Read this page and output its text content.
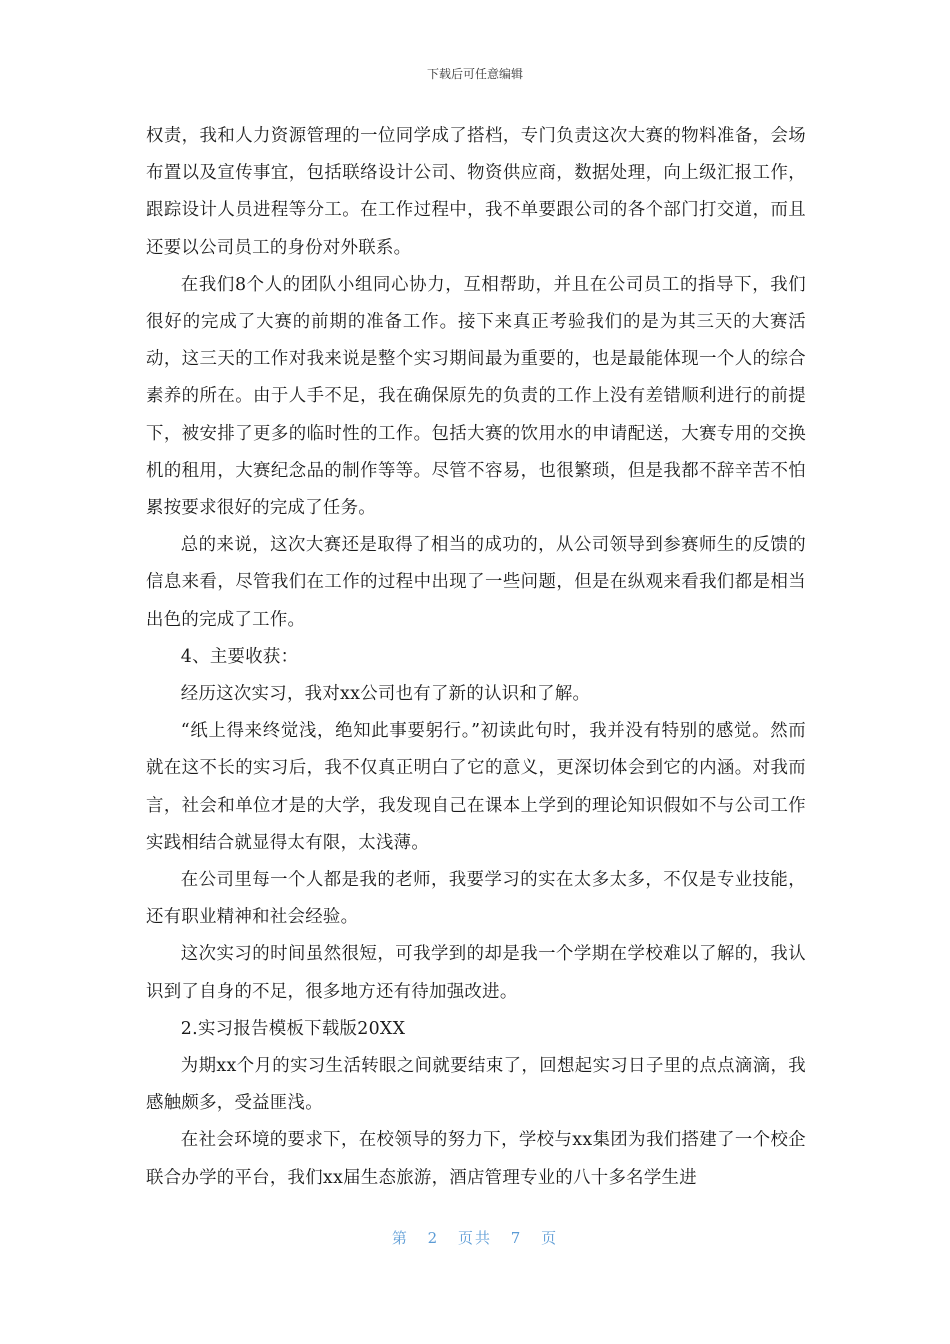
下载后可任意编辑

权责，我和人力资源管理的一位同学成了搭档，专门负责这次大赛的物料准备，会场布置以及宣传事宜，包括联络设计公司、物资供应商，数据处理，向上级汇报工作，跟踪设计人员进程等分工。在工作过程中，我不单要跟公司的各个部门打交道，而且还要以公司员工的身份对外联系。

在我们8个人的团队小组同心协力，互相帮助，并且在公司员工的指导下，我们很好的完成了大赛的前期的准备工作。接下来真正考验我们的是为其三天的大赛活动，这三天的工作对我来说是整个实习期间最为重要的，也是最能体现一个人的综合素养的所在。由于人手不足，我在确保原先的负责的工作上没有差错顺利进行的前提下，被安排了更多的临时性的工作。包括大赛的饮用水的申请配送，大赛专用的交换机的租用，大赛纪念品的制作等等。尽管不容易，也很繁琐，但是我都不辞辛苦不怕累按要求很好的完成了任务。

总的来说，这次大赛还是取得了相当的成功的，从公司领导到参赛师生的反馈的信息来看，尽管我们在工作的过程中出现了一些问题，但是在纵观来看我们都是相当出色的完成了工作。

4、主要收获：

经历这次实习，我对xx公司也有了新的认识和了解。

“纸上得来终觉浅，绝知此事要躬行。”初读此句时，我并没有特别的感觉。然而就在这不长的实习后，我不仅真正明白了它的意义，更深切体会到它的内涵。对我而言，社会和单位才是的大学，我发现自己在课本上学到的理论知识假如不与公司工作实践相结合就显得太有限，太浅薄。

在公司里每一个人都是我的老师，我要学习的实在太多太多，不仅是专业技能，还有职业精神和社会经验。

这次实习的时间虽然很短，可我学到的却是我一个学期在学校难以了解的，我认识到了自身的不足，很多地方还有待加强改进。

2.实习报告模板下载版20XX

为期xx个月的实习生活转眼之间就要结束了，回想起实习日子里的点点滴滴，我感触颇多，受益匪浅。

在社会环境的要求下，在校领导的努力下，学校与xx集团为我们搭建了一个校企联合办学的平台，我们xx届生态旅游，酒店管理专业的八十多名学生进

第 2 页共 7 页
